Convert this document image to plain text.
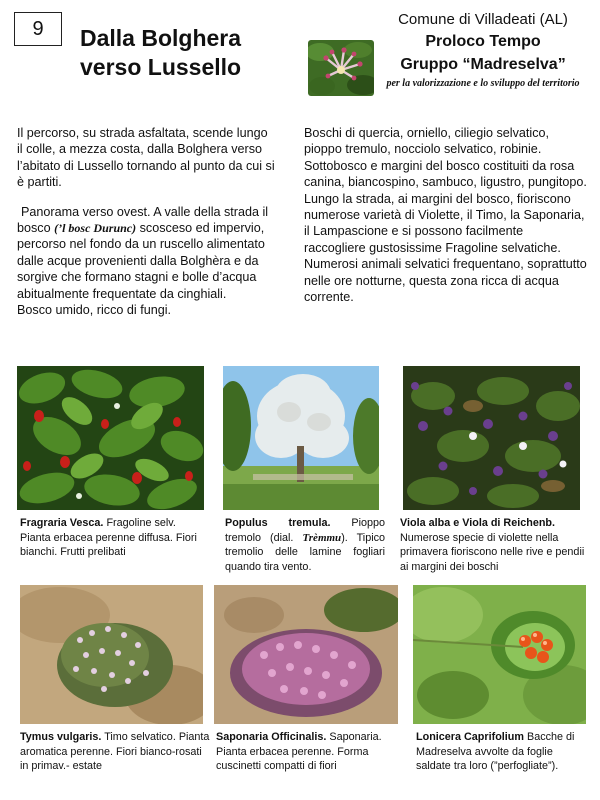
9 Dalla Bolghera
verso Lussello
Comune di Villadeati (AL)
Proloco Tempo
Gruppo “Madreselva”
per la valorizzazione e lo sviluppo del territorio

Il percorso, su strada asfaltata, scende lungo il colle, a mezza costa, dalla Bolghera verso l’abitato di Lussello tornando al punto da cui si è partiti.

Panorama verso ovest. A valle della strada il bosco (’l bosc Durunc) scosceso ed impervio, percorso nel fondo da un ruscello alimentato dalle acque provenienti dalla Bolghèra e da sorgive che formano stagni e bolle d’acqua abitualmente frequentate da cinghiali.
Bosco umido, ricco di fungi.

Boschi di quercia, orniello, ciliegio selvatico, pioppo tremulo, nocciolo selvatico, robinie. Sottobosco e margini del bosco costituiti da rosa canina, biancospino, sambuco, ligustro, pungitopo. Lungo la strada, ai margini del bosco, fioriscono numerose varietà di Violette, il Timo, la Saponaria, il Lampascione e si possono facilmente raccogliere gustosissime Fragoline selvatiche. Numerosi animali selvatici frequentano, soprattutto nelle ore notturne, questa zona ricca di acqua corrente.

Fragraria Vesca. Fragoline selv. Pianta erbacea perenne diffusa. Fiori bianchi. Frutti prelibati
Populus tremula. Pioppo tremolo (dial. Trèmmu). Tipico tremolio delle lamine fogliari quando tira vento.
Viola alba e Viola di Reichenb. Numerose specie di violette nella primavera fioriscono nelle rive e pendii ai margini dei boschi
Tymus vulgaris. Timo selvatico. Pianta aromatica perenne. Fiori bianco-rosati in primav.- estate
Saponaria Officinalis. Saponaria. Pianta erbacea perenne. Forma cuscinetti compatti di fiori
Lonicera Caprifolium Bacche di Madreselva avvolte da foglie saldate tra loro (”perfogliate”).
